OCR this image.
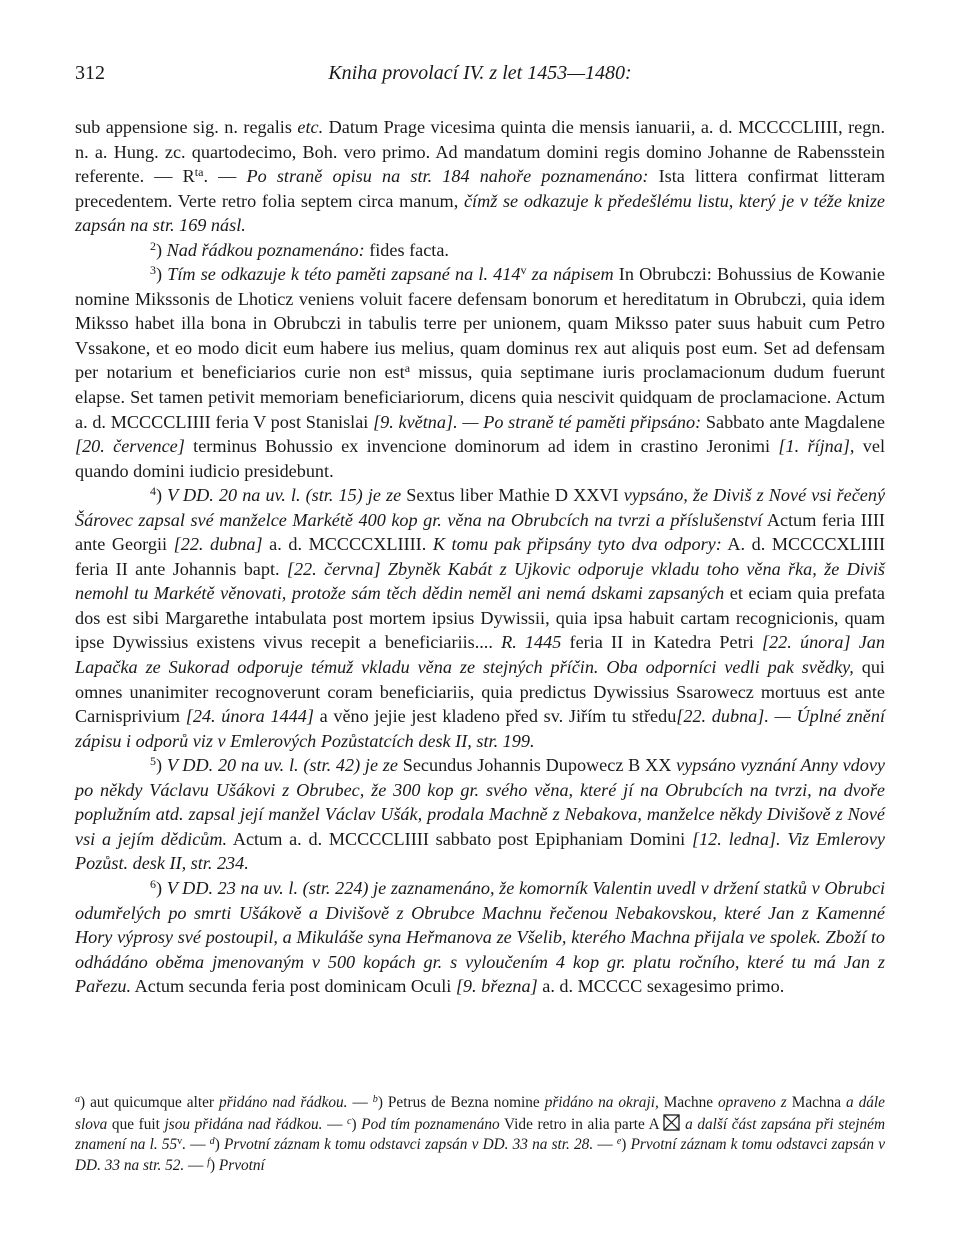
312	Kniha provolací IV. z let 1453—1480:

sub appensione sig. n. regalis etc. Datum Prage vicesima quinta die mensis ianuarii, a. d. MCCCCLIIII, regn. n. a. Hung. zc. quartodecimo, Boh. vero primo. Ad mandatum domini regis domino Johanne de Rabensstein referente. — $R^{ta}$. — Po straně opisu na str. 184 nahoře poznamenáno: Ista littera confirmat litteram precedentem. Verte retro folia septem circa manum, čímž se odkazuje k předešlému listu, který je v téže knize zapsán na str. 169 násl.

$^2$) Nad řádkou poznamenáno: fides facta.

$^3$) Tím se odkazuje k této paměti zapsané na l. 414$^v$ za nápisem In Obrubczi: Bohussius de Kowanie nomine Mikssonis de Lhoticz veniens voluit facere defensam bonorum et hereditatum in Obrubczi, quia idem Miksso habet illa bona in Obrubczi in tabulis terre per unionem, quam Miksso pater suus habuit cum Petro Vssakone, et eo modo dicit eum habere ius melius, quam dominus rex aut aliquis post eum. Set ad defensam per notarium et beneficiarios curie non est$^a$ missus, quia septimane iuris proclamacionum dudum fuerunt elapse. Set tamen petivit memoriam beneficiariorum, dicens quia nescivit quidquam de proclamacione. Actum a. d. MCCCCLIIII feria V post Stanislai [9. května]. — Po straně té paměti připsáno: Sabbato ante Magdalene [20. července] terminus Bohussio ex invencione dominorum ad idem in crastino Jeronimi [1. října], vel quando domini iudicio presidebunt.

$^4$) V DD. 20 na uv. l. (str. 15) je ze Sextus liber Mathie D XXVI vypsáno, že Diviš z Nové vsi řečený Šárovec zapsal své manželce Markétě 400 kop gr. věna na Obrubcích na tvrzi a příslušenství Actum feria IIII ante Georgii [22. dubna] a. d. MCCCCXLIIII. K tomu pak připsány tyto dva odpory: A. d. MCCCCXLIIII feria II ante Johannis bapt. [22. června] Zbyněk Kabát z Ujkovic odporuje vkladu toho věna řka, že Diviš nemohl tu Markétě věnovati, protože sám těch dědin neměl ani nemá dskami zapsaných et eciam quia prefata dos est sibi Margarethe intabulata post mortem ipsius Dywissii, quia ipsa habuit cartam recognicionis, quam ipse Dywissius existens vivus recepit a beneficiariis.... R. 1445 feria II in Katedra Petri [22. února] Jan Lapačka ze Sukorad odporuje témuž vkladu věna ze stejných příčin. Oba odporníci vedli pak svědky, qui omnes unanimiter recognoverunt coram beneficiariis, quia predictus Dywissius Ssarowecz mortuus est ante Carnisprivium [24. února 1444] a věno jejie jest kladeno před sv. Jiřím tu středu[22. dubna]. — Úplné znění zápisu i odporů viz v Emlerových Pozůstatcích desk II, str. 199.

$^5$) V DD. 20 na uv. l. (str. 42) je ze Secundus Johannis Dupowecz B XX vypsáno vyznání Anny vdovy po někdy Václavu Ušákovi z Obrubec, že 300 kop gr. svého věna, které jí na Obrubcích na tvrzi, na dvoře poplužním atd. zapsal její manžel Václav Ušák, prodala Machně z Nebakova, manželce někdy Divišově z Nové vsi a jejím dědicům. Actum a. d. MCCCCLIIII sabbato post Epiphaniam Domini [12. ledna]. Viz Emlerovy Pozůst. desk II, str. 234.

$^6$) V DD. 23 na uv. l. (str. 224) je zaznamenáno, že komorník Valentin uvedl v držení statků v Obrubci odumřelých po smrti Ušákově a Divišově z Obrubce Machnu řečenou Nebakovskou, které Jan z Kamenné Hory výprosy své postoupil, a Mikuláše syna Heřmanova ze Všelib, kterého Machna přijala ve spolek. Zboží to odhádáno oběma jmenovaným v 500 kopách gr. s vyloučením 4 kop gr. platu ročního, které tu má Jan z Pařezu. Actum secunda feria post dominicam Oculi [9. března] a. d. MCCCC sexagesimo primo.

$^a$) aut quicumque alter přidáno nad řádkou. — $^b$) Petrus de Bezna nomine přidáno na okraji, Machne opraveno z Machna a dále slova que fuit jsou přidána nad řádkou. — $^c$) Pod tím poznamenáno Vide retro in alia parte A  a další část zapsána při stejném znamení na l. 55$^v$. — $^d$) Prvotní záznam k tomu odstavci zapsán v DD. 33 na str. 28. — $^e$) Prvotní záznam k tomu odstavci zapsán v DD. 33 na str. 52. — $^f$) Prvotní
